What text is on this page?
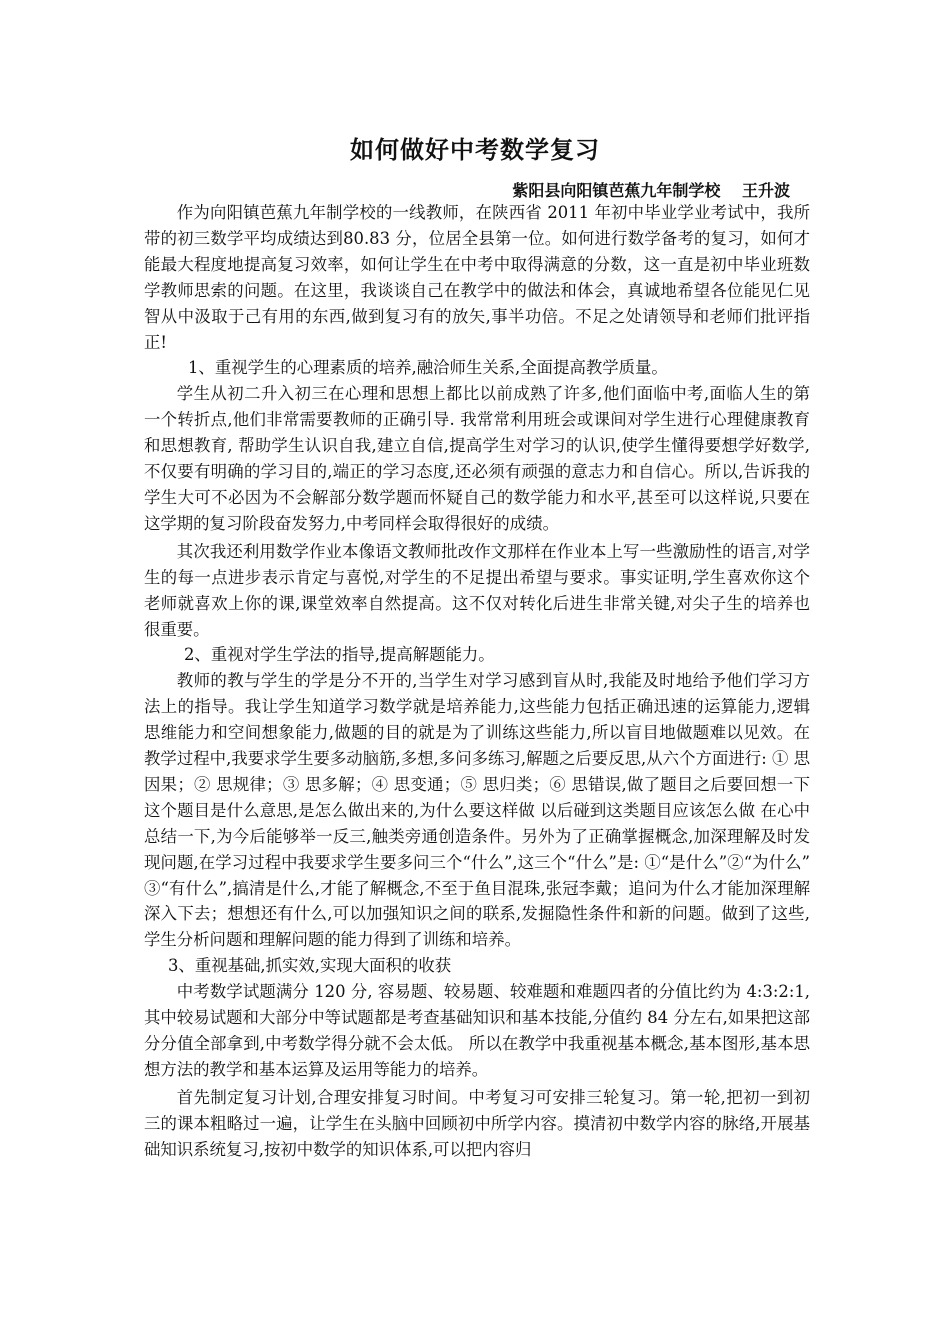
如何做好中考数学复习
紫阳县向阳镇芭蕉九年制学校　 王升波

作为向阳镇芭蕉九年制学校的一线教师，在陕西省 2011 年初中毕业学业考试中，我所带的初三数学平均成绩达到80.83 分，位居全县第一位。如何进行数学备考的复习，如何才能最大程度地提高复习效率，如何让学生在中考中取得满意的分数，这一直是初中毕业班数学教师思索的问题。在这里，我谈谈自己在教学中的做法和体会，真诚地希望各位能见仁见智从中汲取于己有用的东西,做到复习有的放矢,事半功倍。不足之处请领导和老师们批评指正!

1、重视学生的心理素质的培养,融洽师生关系,全面提高教学质量。

学生从初二升入初三在心理和思想上都比以前成熟了许多,他们面临中考,面临人生的第一个转折点,他们非常需要教师的正确引导. 我常常利用班会或课间对学生进行心理健康教育和思想教育, 帮助学生认识自我,建立自信,提高学生对学习的认识,使学生懂得要想学好数学,不仅要有明确的学习目的,端正的学习态度,还必须有顽强的意志力和自信心。所以,告诉我的学生大可不必因为不会解部分数学题而怀疑自己的数学能力和水平,甚至可以这样说,只要在这学期的复习阶段奋发努力,中考同样会取得很好的成绩。

其次我还利用数学作业本像语文教师批改作文那样在作业本上写一些激励性的语言,对学生的每一点进步表示肯定与喜悦,对学生的不足提出希望与要求。事实证明,学生喜欢你这个老师就喜欢上你的课,课堂效率自然提高。这不仅对转化后进生非常关键,对尖子生的培养也很重要。

2、重视对学生学法的指导,提高解题能力。

教师的教与学生的学是分不开的,当学生对学习感到盲从时,我能及时地给予他们学习方法上的指导。我让学生知道学习数学就是培养能力,这些能力包括正确迅速的运算能力,逻辑思维能力和空间想象能力,做题的目的就是为了训练这些能力,所以盲目地做题难以见效。在教学过程中,我要求学生要多动脑筋,多想,多问多练习,解题之后要反思,从六个方面进行: ① 思因果；② 思规律；③ 思多解；④ 思变通；⑤ 思归类；⑥ 思错误,做了题目之后要回想一下这个题目是什么意思,是怎么做出来的,为什么要这样做 以后碰到这类题目应该怎么做 在心中总结一下,为今后能够举一反三,触类旁通创造条件。另外为了正确掌握概念,加深理解及时发现问题,在学习过程中我要求学生要多问三个“什么”,这三个“什么”是: ①“是什么”②“为什么” ③“有什么”,搞清是什么,才能了解概念,不至于鱼目混珠,张冠李戴；追问为什么才能加深理解深入下去；想想还有什么,可以加强知识之间的联系,发掘隐性条件和新的问题。做到了这些,学生分析问题和理解问题的能力得到了训练和培养。

3、重视基础,抓实效,实现大面积的收获

中考数学试题满分 120 分, 容易题、较易题、较难题和难题四者的分值比约为 4:3:2:1, 其中较易试题和大部分中等试题都是考查基础知识和基本技能,分值约 84 分左右,如果把这部分分值全部拿到,中考数学得分就不会太低。 所以在教学中我重视基本概念,基本图形,基本思想方法的教学和基本运算及运用等能力的培养。

首先制定复习计划,合理安排复习时间。中考复习可安排三轮复习。第一轮,把初一到初三的课本粗略过一遍，让学生在头脑中回顾初中所学内容。摸清初中数学内容的脉络,开展基础知识系统复习,按初中数学的知识体系,可以把内容归
